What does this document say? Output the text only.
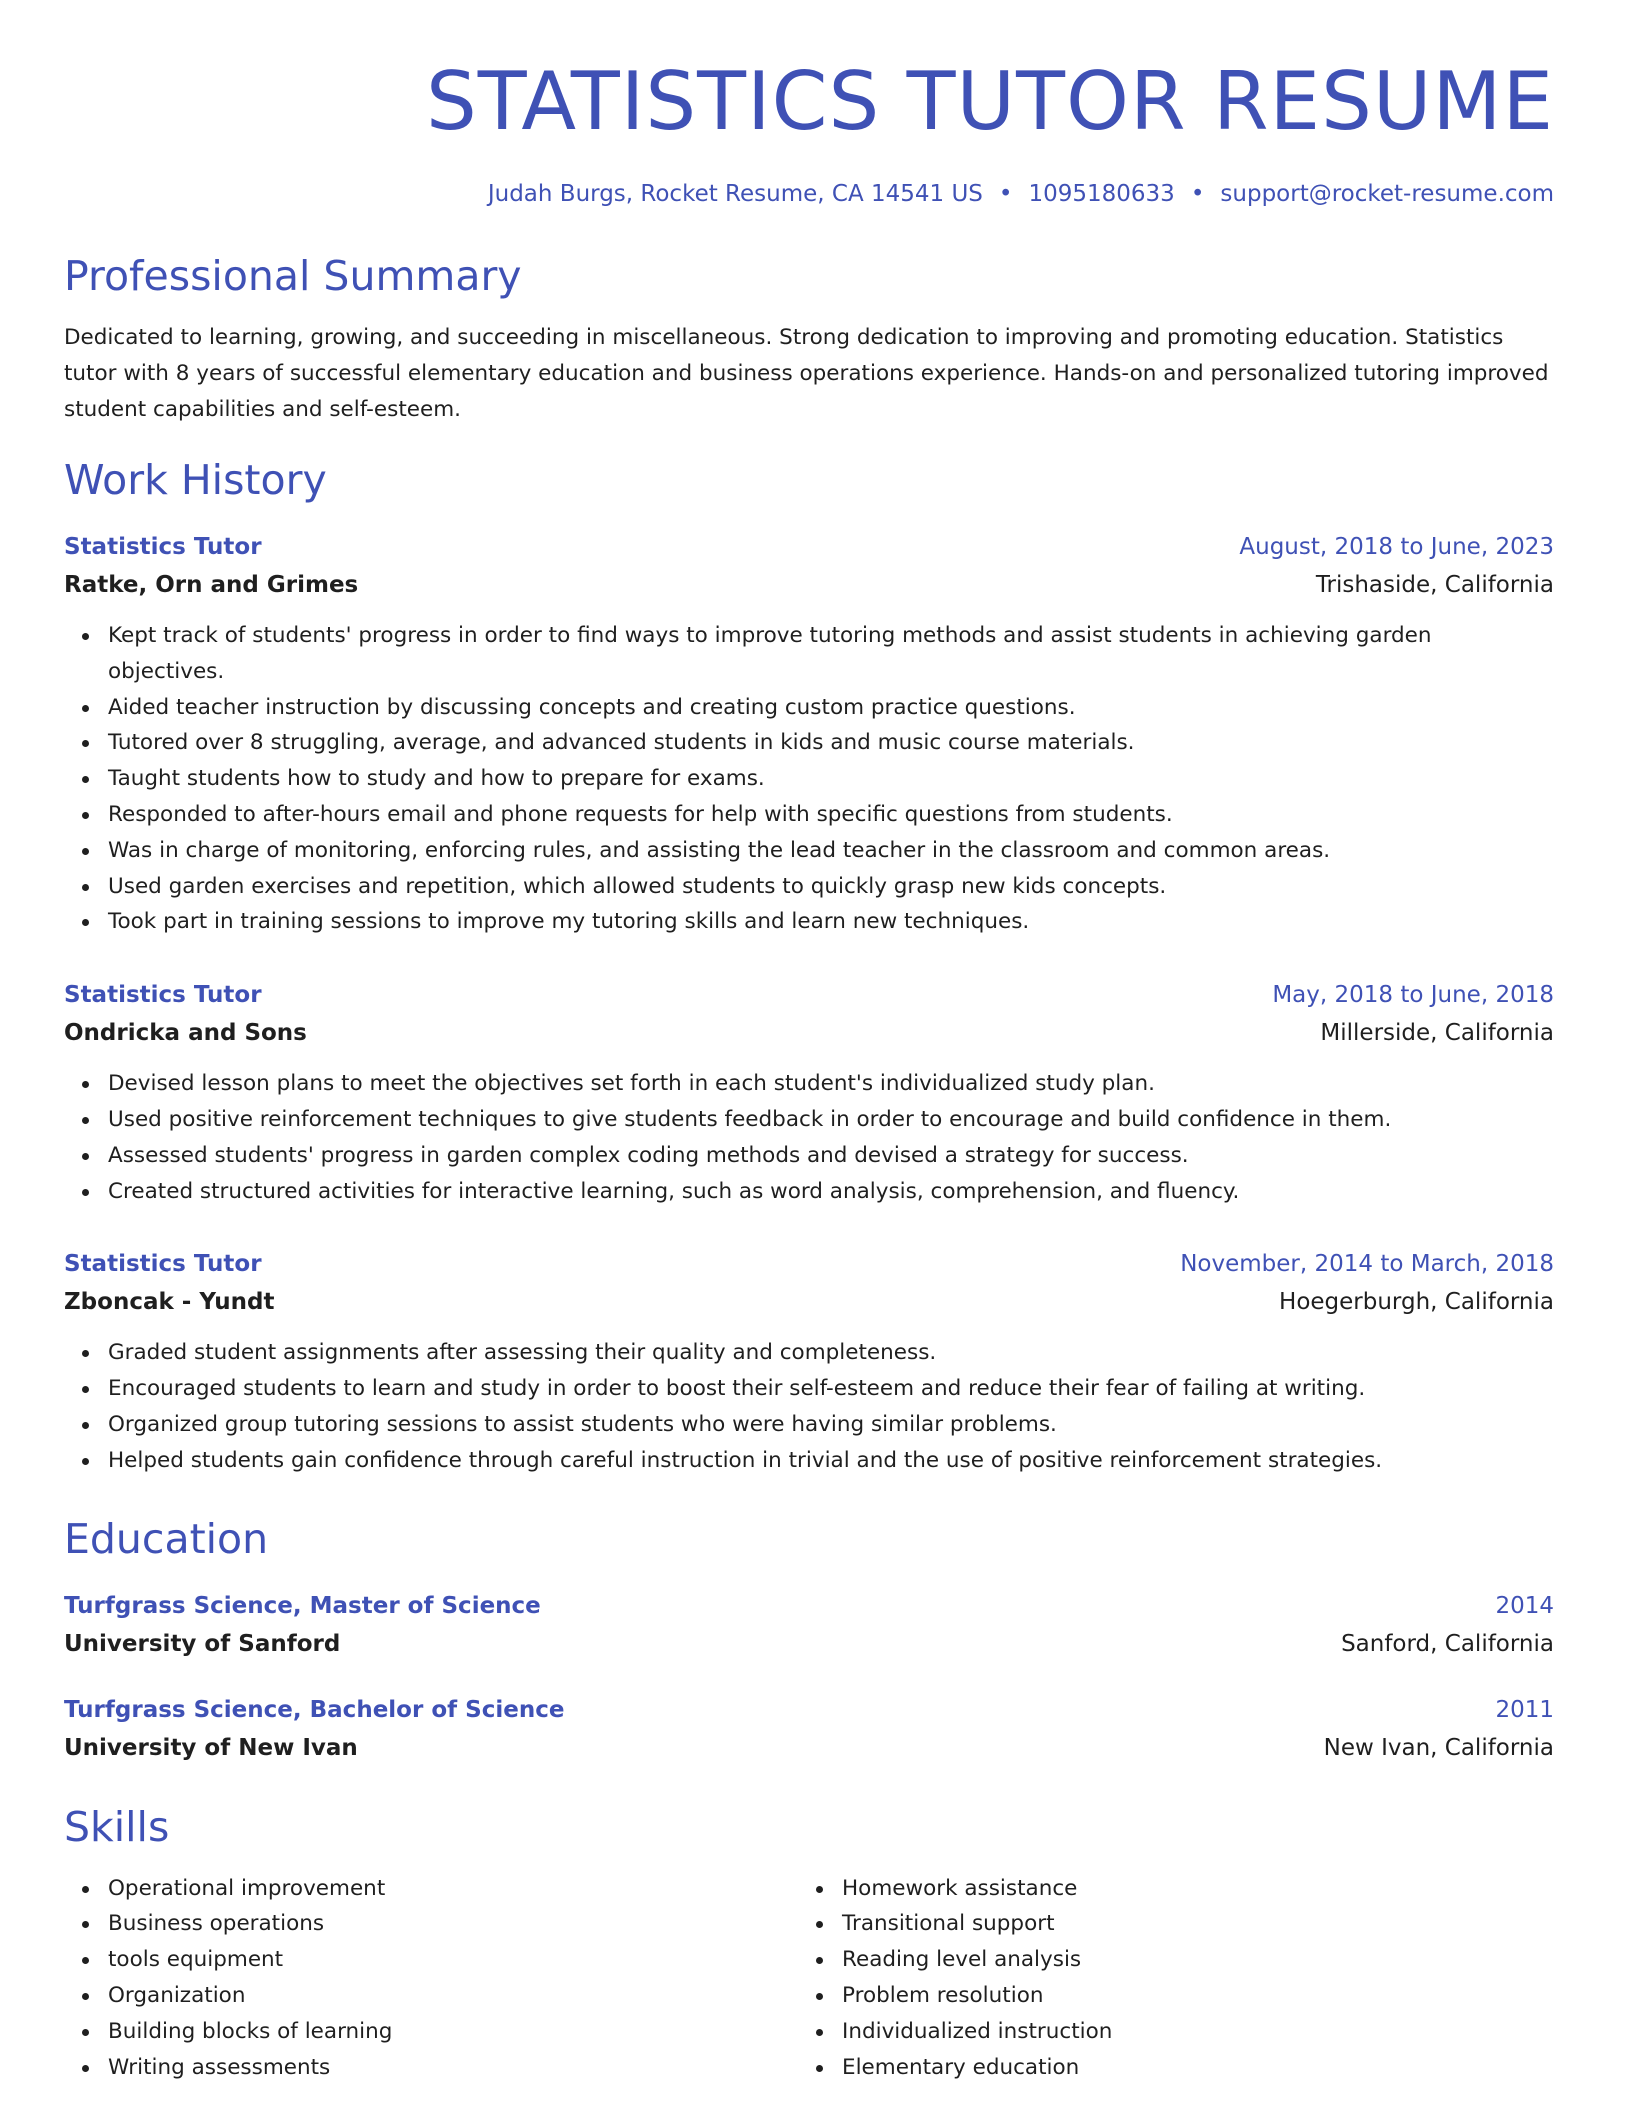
STATISTICS TUTOR RESUME
Judah Burgs, Rocket Resume, CA 14541 US • 1095180633 • support@rocket-resume.com
Professional Summary
Dedicated to learning, growing, and succeeding in miscellaneous. Strong dedication to improving and promoting education. Statistics tutor with 8 years of successful elementary education and business operations experience. Hands-on and personalized tutoring improved student capabilities and self-esteem.
Work History
Statistics Tutor	August, 2018 to June, 2023
Ratke, Orn and Grimes	Trishaside, California
Kept track of students' progress in order to find ways to improve tutoring methods and assist students in achieving garden objectives.
Aided teacher instruction by discussing concepts and creating custom practice questions.
Tutored over 8 struggling, average, and advanced students in kids and music course materials.
Taught students how to study and how to prepare for exams.
Responded to after-hours email and phone requests for help with specific questions from students.
Was in charge of monitoring, enforcing rules, and assisting the lead teacher in the classroom and common areas.
Used garden exercises and repetition, which allowed students to quickly grasp new kids concepts.
Took part in training sessions to improve my tutoring skills and learn new techniques.
Statistics Tutor	May, 2018 to June, 2018
Ondricka and Sons	Millerside, California
Devised lesson plans to meet the objectives set forth in each student's individualized study plan.
Used positive reinforcement techniques to give students feedback in order to encourage and build confidence in them.
Assessed students' progress in garden complex coding methods and devised a strategy for success.
Created structured activities for interactive learning, such as word analysis, comprehension, and fluency.
Statistics Tutor	November, 2014 to March, 2018
Zboncak - Yundt	Hoegerburgh, California
Graded student assignments after assessing their quality and completeness.
Encouraged students to learn and study in order to boost their self-esteem and reduce their fear of failing at writing.
Organized group tutoring sessions to assist students who were having similar problems.
Helped students gain confidence through careful instruction in trivial and the use of positive reinforcement strategies.
Education
Turfgrass Science, Master of Science	2014
University of Sanford	Sanford, California
Turfgrass Science, Bachelor of Science	2011
University of New Ivan	New Ivan, California
Skills
Operational improvement
Business operations
tools equipment
Organization
Building blocks of learning
Writing assessments
Homework assistance
Transitional support
Reading level analysis
Problem resolution
Individualized instruction
Elementary education
